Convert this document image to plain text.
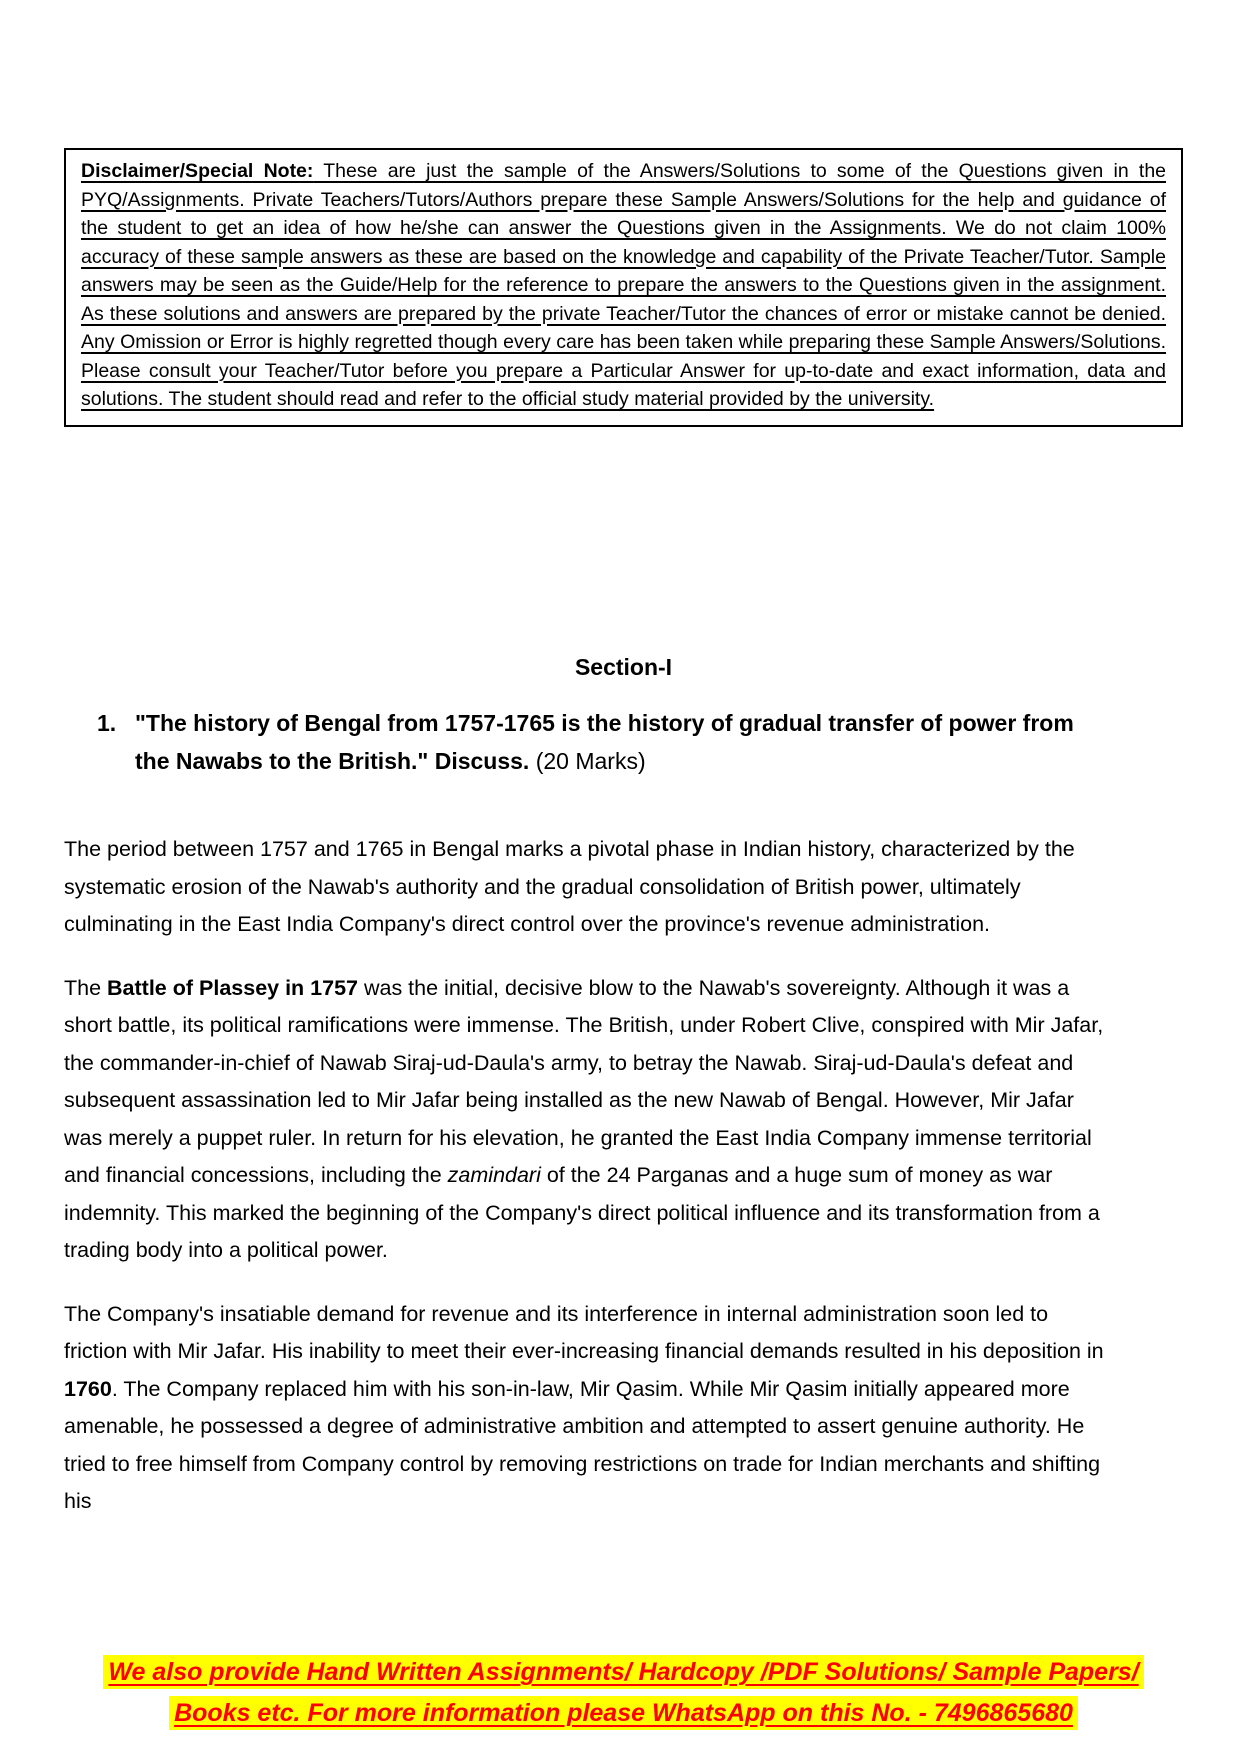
Disclaimer/Special Note: These are just the sample of the Answers/Solutions to some of the Questions given in the PYQ/Assignments. Private Teachers/Tutors/Authors prepare these Sample Answers/Solutions for the help and guidance of the student to get an idea of how he/she can answer the Questions given in the Assignments. We do not claim 100% accuracy of these sample answers as these are based on the knowledge and capability of the Private Teacher/Tutor. Sample answers may be seen as the Guide/Help for the reference to prepare the answers to the Questions given in the assignment. As these solutions and answers are prepared by the private Teacher/Tutor the chances of error or mistake cannot be denied. Any Omission or Error is highly regretted though every care has been taken while preparing these Sample Answers/Solutions. Please consult your Teacher/Tutor before you prepare a Particular Answer for up-to-date and exact information, data and solutions. The student should read and refer to the official study material provided by the university.
Section-I
1. "The history of Bengal from 1757-1765 is the history of gradual transfer of power from the Nawabs to the British." Discuss. (20 Marks)
The period between 1757 and 1765 in Bengal marks a pivotal phase in Indian history, characterized by the systematic erosion of the Nawab's authority and the gradual consolidation of British power, ultimately culminating in the East India Company's direct control over the province's revenue administration.
The Battle of Plassey in 1757 was the initial, decisive blow to the Nawab's sovereignty. Although it was a short battle, its political ramifications were immense. The British, under Robert Clive, conspired with Mir Jafar, the commander-in-chief of Nawab Siraj-ud-Daula's army, to betray the Nawab. Siraj-ud-Daula's defeat and subsequent assassination led to Mir Jafar being installed as the new Nawab of Bengal. However, Mir Jafar was merely a puppet ruler. In return for his elevation, he granted the East India Company immense territorial and financial concessions, including the zamindari of the 24 Parganas and a huge sum of money as war indemnity. This marked the beginning of the Company's direct political influence and its transformation from a trading body into a political power.
The Company's insatiable demand for revenue and its interference in internal administration soon led to friction with Mir Jafar. His inability to meet their ever-increasing financial demands resulted in his deposition in 1760. The Company replaced him with his son-in-law, Mir Qasim. While Mir Qasim initially appeared more amenable, he possessed a degree of administrative ambition and attempted to assert genuine authority. He tried to free himself from Company control by removing restrictions on trade for Indian merchants and shifting his
We also provide Hand Written Assignments/ Hardcopy /PDF Solutions/ Sample Papers/
Books etc. For more information please WhatsApp on this No. - 7496865680
